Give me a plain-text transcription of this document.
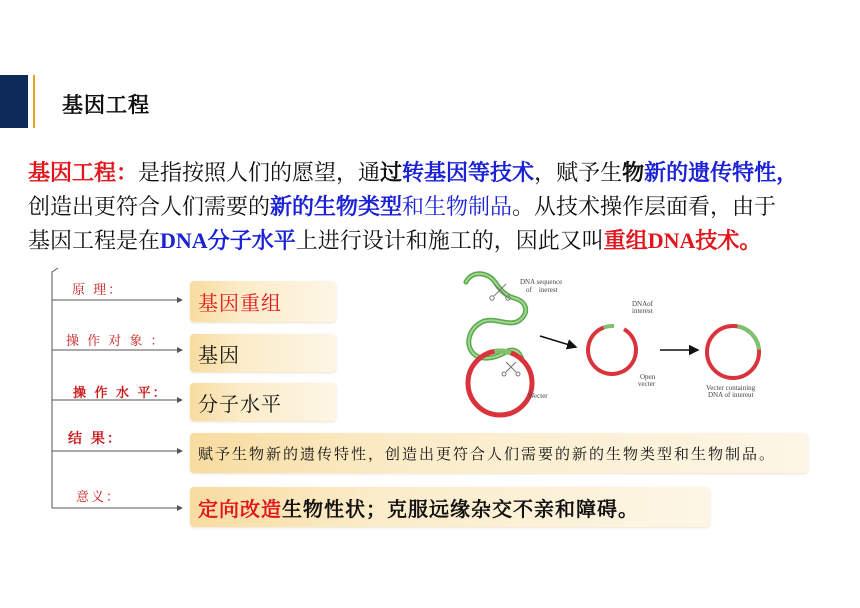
基因工程
基因工程：是指按照人们的愿望，通过转基因等技术，赋予生物新的遗传特性，
创造出更符合人们需要的新的生物类型和生物制品。从技术操作层面看，由于
基因工程是在DNA分子水平上进行设计和施工的，因此又叫重组DNA技术。
DNA sequence
of    inerest
Wecter
DNAof
interest
Open
vecter	Vecter containing
DNA of intereut
原 理：
操 作 对 象 ：
操 作 水 平：
结 果：
意义：
基因重组
基因
分子水平
赋予生物新的遗传特性，创造出更符合人们需要的新的生物类型和生物制品。
定向改造 生物性状；克服远缘杂交不亲和障碍。
